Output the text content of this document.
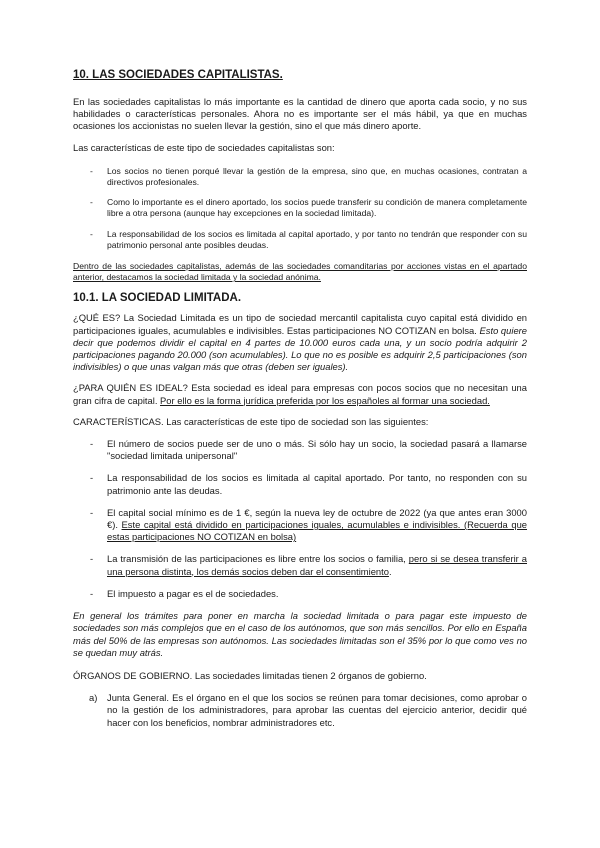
10. LAS SOCIEDADES CAPITALISTAS.

En las sociedades capitalistas lo más importante es la cantidad de dinero que aporta cada socio, y no sus habilidades o características personales. Ahora no es importante ser el más hábil, ya que en muchas ocasiones los accionistas no suelen llevar la gestión, sino el que más dinero aporte.

Las características de este tipo de sociedades capitalistas son:

- Los socios no tienen porqué llevar la gestión de la empresa, sino que, en muchas ocasiones, contratan a directivos profesionales.
- Como lo importante es el dinero aportado, los socios puede transferir su condición de manera completamente libre a otra persona (aunque hay excepciones en la sociedad limitada).
- La responsabilidad de los socios es limitada al capital aportado, y por tanto no tendrán que responder con su patrimonio personal ante posibles deudas.

Dentro de las sociedades capitalistas, además de las sociedades comanditarias por acciones vistas en el apartado anterior, destacamos la sociedad limitada y la sociedad anónima.

10.1. LA SOCIEDAD LIMITADA.

¿QUÉ ES? La Sociedad Limitada es un tipo de sociedad mercantil capitalista cuyo capital está dividido en participaciones iguales, acumulables e indivisibles. Estas participaciones NO COTIZAN en bolsa. Esto quiere decir que podemos dividir el capital en 4 partes de 10.000 euros cada una, y un socio podría adquirir 2 participaciones pagando 20.000 (son acumulables). Lo que no es posible es adquirir 2,5 participaciones (son indivisibles) o que unas valgan más que otras (deben ser iguales).

¿PARA QUIÉN ES IDEAL? Esta sociedad es ideal para empresas con pocos socios que no necesitan una gran cifra de capital. Por ello es la forma jurídica preferida por los españoles al formar una sociedad.

CARACTERÍSTICAS. Las características de este tipo de sociedad son las siguientes:

- El número de socios puede ser de uno o más. Si sólo hay un socio, la sociedad pasará a llamarse "sociedad limitada unipersonal"
- La responsabilidad de los socios es limitada al capital aportado. Por tanto, no responden con su patrimonio ante las deudas.
- El capital social mínimo es de 1 €, según la nueva ley de octubre de 2022 (ya que antes eran 3000 €). Este capital está dividido en participaciones iguales, acumulables e indivisibles. (Recuerda que estas participaciones NO COTIZAN en bolsa)
- La transmisión de las participaciones es libre entre los socios o familia, pero si se desea transferir a una persona distinta, los demás socios deben dar el consentimiento.
- El impuesto a pagar es el de sociedades.

En general los trámites para poner en marcha la sociedad limitada o para pagar este impuesto de sociedades son más complejos que en el caso de los autónomos, que son más sencillos. Por ello en España más del 50% de las empresas son autónomos. Las sociedades limitadas son el 35% por lo que como ves no se quedan muy atrás.

ÓRGANOS DE GOBIERNO. Las sociedades limitadas tienen 2 órganos de gobierno.

a) Junta General. Es el órgano en el que los socios se reúnen para tomar decisiones, como aprobar o no la gestión de los administradores, para aprobar las cuentas del ejercicio anterior, decidir qué hacer con los beneficios, nombrar administradores etc.
